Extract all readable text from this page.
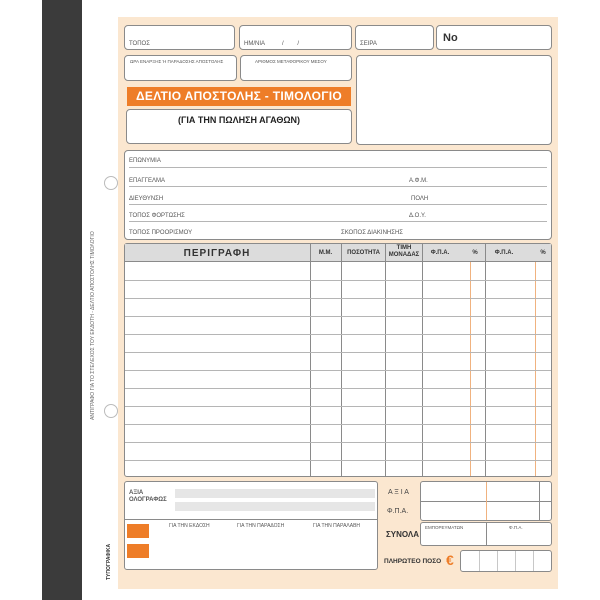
ΑΝΤΙΓΡΑΦΟ ΓΙΑ ΤΟ ΣΤΕΛΕΧΟΣ ΤΟΥ ΕΚΔΟΤΗ - ΔΕΛΤΙΟ ΑΠΟΣΤΟΛΗΣ ΤΙΜΟΛΟΓΙΟ
ΤΟΠΟΣ	ΗΜ/ΝΙΑ	/ /	ΣΕΙΡΑ	Νο
ΩΡΑ ΕΝΑΡΞΗΣ Ή ΠΑΡΑΔΟΣΗΣ ΑΠΟΣΤΟΛΗΣ	ΑΡΙΘΜΟΣ ΜΕΤΑΦΟΡΙΚΟΥ ΜΕΣΟΥ
ΔΕΛΤΙΟ ΑΠΟΣΤΟΛΗΣ - ΤΙΜΟΛΟΓΙΟ
(ΓΙΑ ΤΗΝ ΠΩΛΗΣΗ ΑΓΑΘΩΝ)
ΕΠΩΝΥΜΙΑ
ΕΠΑΓΓΕΛΜΑ	Α.Φ.Μ.
ΔΙΕΥΘΥΝΣΗ	ΠΟΛΗ
ΤΟΠΟΣ ΦΟΡΤΩΣΗΣ	Δ.Ο.Υ.
ΤΟΠΟΣ ΠΡΟΟΡΙΣΜΟΥ	ΣΚΟΠΟΣ ΔΙΑΚΙΝΗΣΗΣ
ΠΕΡΙΓΡΑΦΗ	Μ.Μ.	ΠΟΣΟΤΗΤΑ
ΤΙΜΗ
ΜΟΝΑΔΑΣ	Φ.Π.Α.	%	Φ.Π.Α.	%
ΑΞΙΑ
ΟΛΟΓΡΑΦΩΣ
ΓΙΑ ΤΗΝ ΕΚΔΟΣΗ	ΓΙΑ ΤΗΝ ΠΑΡΑΔΟΣΗ	ΓΙΑ ΤΗΝ ΠΑΡΑΛΑΒΗ
ΤΥΠΟΓΡΑΦΙΚΑ
Α Ξ Ι Α
Φ.Π.Α.
ΣΥΝΟΛΑ
ΕΜΠΟΡΕΥΜΑΤΩΝ	Φ.Π.Α.
ΠΛΗΡΩΤΕΟ ΠΟΣΟ €
